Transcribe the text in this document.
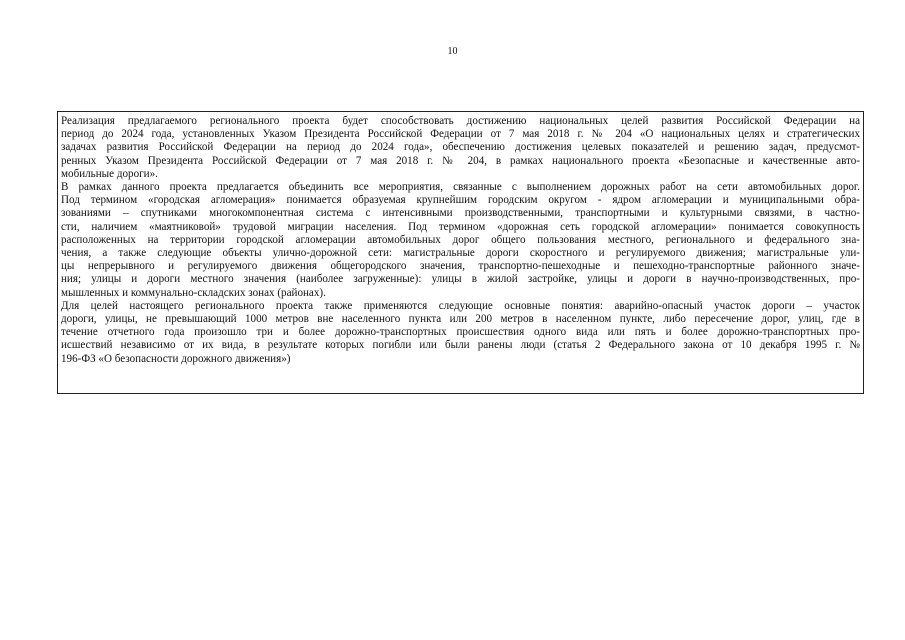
10

Реализация предлагаемого регионального проекта будет способствовать достижению национальных целей развития Российской Федерации на
период до 2024 года, установленных Указом Президента Российской Федерации от 7 мая 2018 г. № 204 «О национальных целях и стратегических
задачах развития Российской Федерации на период до 2024 года», обеспечению достижения целевых показателей и решению задач, предусмот-
ренных Указом Президента Российской Федерации от 7 мая 2018 г. № 204, в рамках национального проекта «Безопасные и качественные авто-
мобильные дороги».

В рамках данного проекта предлагается объединить все мероприятия, связанные с выполнением дорожных работ на сети автомобильных дорог.
Под термином «городская агломерация» понимается образуемая крупнейшим городским округом - ядром агломерации и муниципальными обра-
зованиями – спутниками многокомпонентная система с интенсивными производственными, транспортными и культурными связями, в частно-
сти, наличием «маятниковой» трудовой миграции населения. Под термином «дорожная сеть городской агломерации» понимается совокупность
расположенных на территории городской агломерации автомобильных дорог общего пользования местного, регионального и федерального зна-
чения, а также следующие объекты улично-дорожной сети: магистральные дороги скоростного и регулируемого движения; магистральные ули-
цы непрерывного и регулируемого движения общегородского значения, транспортно-пешеходные и пешеходно-транспортные районного значе-
ния; улицы и дороги местного значения (наиболее загруженные): улицы в жилой застройке, улицы и дороги в научно-производственных, про-
мышленных и коммунально-складских зонах (районах).

Для целей настоящего регионального проекта также применяются следующие основные понятия: аварийно-опасный участок дороги – участок
дороги, улицы, не превышающий 1000 метров вне населенного пункта или 200 метров в населенном пункте, либо пересечение дорог, улиц, где в
течение отчетного года произошло три и более дорожно-транспортных происшествия одного вида или пять и более дорожно-транспортных про-
исшествий независимо от их вида, в результате которых погибли или были ранены люди (статья 2 Федерального закона от 10 декабря 1995 г. №
196-ФЗ «О безопасности дорожного движения»)
